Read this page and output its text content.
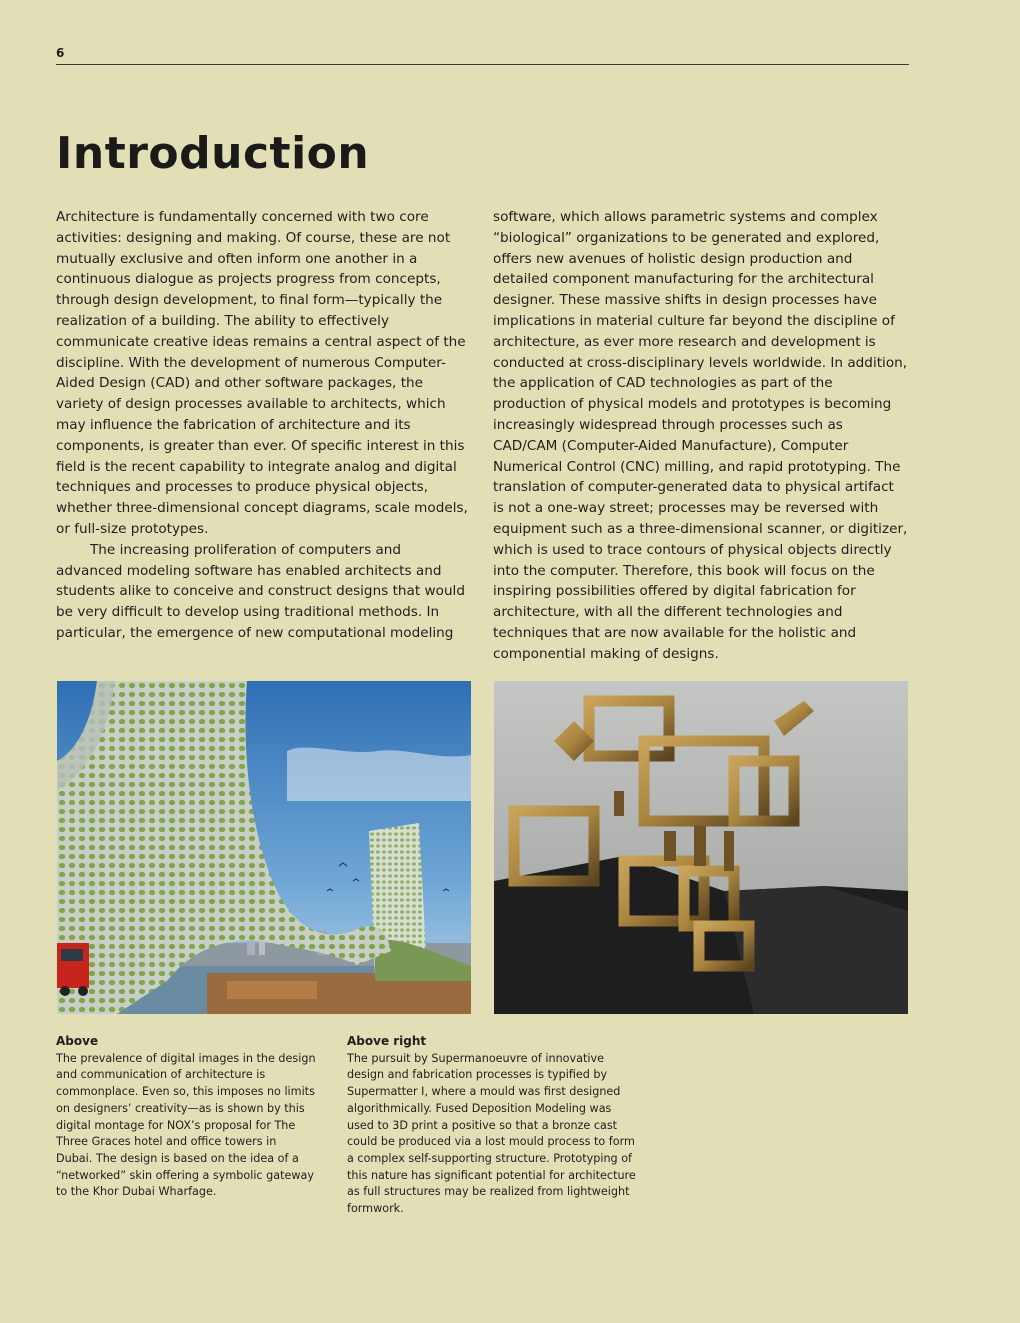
6
Introduction

Architecture is fundamentally concerned with two core activities: designing and making. Of course, these are not mutually exclusive and often inform one another in a continuous dialogue as projects progress from concepts, through design development, to final form—typically the realization of a building. The ability to effectively communicate creative ideas remains a central aspect of the discipline. With the development of numerous Computer-Aided Design (CAD) and other software packages, the variety of design processes available to architects, which may influence the fabrication of architecture and its components, is greater than ever. Of specific interest in this field is the recent capability to integrate analog and digital techniques and processes to produce physical objects, whether three-dimensional concept diagrams, scale models, or full-size prototypes.

The increasing proliferation of computers and advanced modeling software has enabled architects and students alike to conceive and construct designs that would be very difficult to develop using traditional methods. In particular, the emergence of new computational modeling

software, which allows parametric systems and complex “biological” organizations to be generated and explored, offers new avenues of holistic design production and detailed component manufacturing for the architectural designer. These massive shifts in design processes have implications in material culture far beyond the discipline of architecture, as ever more research and development is conducted at cross-disciplinary levels worldwide. In addition, the application of CAD technologies as part of the production of physical models and prototypes is becoming increasingly widespread through processes such as CAD/CAM (Computer-Aided Manufacture), Computer Numerical Control (CNC) milling, and rapid prototyping. The translation of computer-generated data to physical artifact is not a one-way street; processes may be reversed with equipment such as a three-dimensional scanner, or digitizer, which is used to trace contours of physical objects directly into the computer. Therefore, this book will focus on the inspiring possibilities offered by digital fabrication for architecture, with all the different technologies and techniques that are now available for the holistic and componential making of designs.

Above

The prevalence of digital images in the design and communication of architecture is commonplace. Even so, this imposes no limits on designers’ creativity—as is shown by this digital montage for NOX’s proposal for The Three Graces hotel and office towers in Dubai. The design is based on the idea of a “networked” skin offering a symbolic gateway to the Khor Dubai Wharfage.

Above right

The pursuit by Supermanoeuvre of innovative design and fabrication processes is typified by Supermatter I, where a mould was first designed algorithmically. Fused Deposition Modeling was used to 3D print a positive so that a bronze cast could be produced via a lost mould process to form a complex self-supporting structure. Prototyping of this nature has significant potential for architecture as full structures may be realized from lightweight formwork.
